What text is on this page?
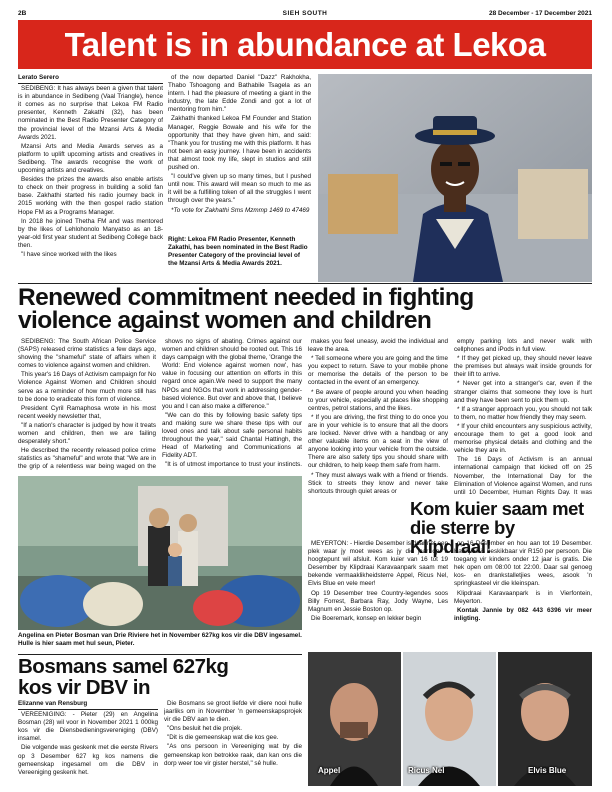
2B	SIEH SOUTH	28 December - 17 December 2021
Talent is in abundance at Lekoa
Lerato Serero

SEDIBENG: It has always been a given that talent is in abundance in Sedibeng (Vaal Triangle), hence it comes as no surprise that Lekoa FM Radio presenter, Kenneth Zakathi (32), has been nominated in the Best Radio Presenter Category of the provincial level of the Mzansi Arts & Media Awards 2021.

Mzansi Arts and Media Awards serves as a platform to uplift upcoming artists and creatives in Sedibeng. The awards recognise the work of upcoming artists and creatives.

Besides the prizes the awards also enable artists to check on their progress in building a solid fan base. Zakhathi started his radio journey back in 2015 working with the then gospel radio station Hope FM as a Programs Manager.

In 2018 he joined Thetha FM and was mentored by the likes of Lehlohonolo Manyatso as an 18-year-old first year student at Sedibeng College back then.

"I have since worked with the likes

of the now departed Daniel "Dazz" Rakhokha, Thabo Tshoagong and Bathabile Tsagela as an intern. I had the pleasure of meeting a giant in the industry, the late Edde Zondi and got a lot of mentoring from him."

Zakhathi thanked Lekoa FM Founder and Station Manager, Reggie Bowale and his wife for the opportunity that they have given him, and said: "Thank you for trusting me with this platform. It has not been an easy journey. I have been in accidents that almost took my life, slept in studios and still pushed on.

"I could've given up so many times, but I pushed until now. This award will mean so much to me as it will be a fulfilling token of all the struggles I went through over the years."

*To vote for Zakhathi Sms Mzmmp 1469 to 47469

Right: Lekoa FM Radio Presenter, Kenneth Zakathi, has been nominated in the Best Radio Presenter Category of the provincial level of the Mzansi Arts & Media Awards 2021.
Renewed commitment needed in fighting
violence against women and children

SEDIBENG: The South African Police Service (SAPS) released crime statistics a few days ago, showing the "shameful" state of affairs when it comes to violence against women and children.

This year's 16 Days of Activism campaign for No Violence Against Women and Children should serve as a reminder of how much more still has to be done to eradicate this form of violence.

President Cyril Ramaphosa wrote in his most recent weekly newsletter that,

"If a nation's character is judged by how it treats women and children, then we are failing desperately short."

He described the recently released police crime statistics as "shameful" and wrote that "We are in the grip of a relentless war being waged on the

shows no signs of abating. Crimes against our women and children should be rooted out. This 16 days campaign with the global theme, 'Orange the World: End violence against women now', has value in focusing our attention on efforts in this regard once again.We need to support the many NPOs and NGOs that work in addressing gender-based violence. But over and above that, I believe you and I can also make a difference."

"We can do this by following basic safety tips and making sure we share these tips with our loved ones and talk about safe personal habits throughout the year," said Chantal Hattingh, the Head of Marketing and Communications at Fidelity ADT.

"It is of utmost importance to trust your instincts.

makes you feel uneasy, avoid the individual and leave the area.

* Tell someone where you are going and the time you expect to return. Save to your mobile phone or memorise the details of the person to be contacted in the event of an emergency.

* Be aware of people around you when heading to your vehicle, especially at places like shopping centres, petrol stations, and the likes.

* If you are driving, the first thing to do once you are in your vehicle is to ensure that all the doors are locked. Never drive with a handbag or any other valuable items on a seat in the view of anyone looking into your vehicle from the outside. There are also safety tips you should share with our children, to help keep them safe from harm.

* They must always walk with a friend or friends. Stick to streets they know and never take shortcuts through quiet areas or

empty parking lots and never walk with cellphones and iPods in full view.

* If they get picked up, they should never leave the premises but always wait inside grounds for their lift to arrive.

* Never get into a stranger's car, even if the stranger claims that someone they love is hurt and they have been sent to pick them up.

* If a stranger approach you, you should not talk to them, no matter how friendly they may seem.

* If your child encounters any suspicious activity, encourage them to get a good look and memorise physical details and clothing and the vehicle they are in.

The 16 Days of Activism is an annual international campaign that kicked off on 25 November, the International Day for the Elimination of Violence against Women, and runs until 10 December, Human Rights Day. It was

Angelina en Pieter Bosman van Drie Riviere het in November 627kg kos vir die DBV ingesamel. Hulle is hier saam met hul seun, Pieter.
Bosmans samel 627kg kos vir DBV in
Elizanne van Rensburg

VEREENIGING: - Pieter (29) en Angelina Bosman (28) wil voor in November 2021 1 000kg kos vir die Diensbedieningsvereniging (DBV) insamel.

Die volgende was geskenk met die eerste Rivers op 3 Desember 627 kg kos namens die gemeenskap ingesamel om die DBV in Vereeniging geskenk het.

Die Bosmans se groot liefde vir diere nooi hulle jaarliks om in November 'n gemeenskapsprojek vir die DBV aan te dien.

"Ons besluit het die projek.

"Dit is die gemeenskap wat die kos gee.

"As ons persoon in Vereeniging wat by die gemeenskap kon betrokke raak, dan kan ons die dorp weer toe vir gister herstel," sê hulle.

Kom kuier saam met die sterre by Klipdraai!

MEYERTON: - Hierdie Desember is daar net een plek waar jy moet wees as jy die jaar op 'n hoogtepunt wil afsluit. Kom kuier van 16 tot 19 Desember by Klipdraai Karavaanpark saam met bekende vermaaklikheidsterre Appel, Ricus Nel, Elvis Blue en vele meer!

Op 19 Desember tree Country-legendes soos Billy Forrest, Barbara Ray, Jody Wayne, Les Magnum en Jessie Boston op.

Die Boeremark, konsep en lekker begin

op 16 Desember en hou aan tot 19 Desember. Kaartjies is beskikbaar vir R150 per persoon. Die toegang vir kinders onder 12 jaar is gratis. Die hek open om 08:00 tot 22:00. Daar sal genoeg kos- en drankstalletjies wees, asook 'n springkasteel vir die kleinspan.

Klipdraai Karavaanpark is in Vierfontein, Meyerton.

Kontak Jannie by 082 443 6396 vir meer inligting.

Appel	Ricus Nel	Elvis Blue
